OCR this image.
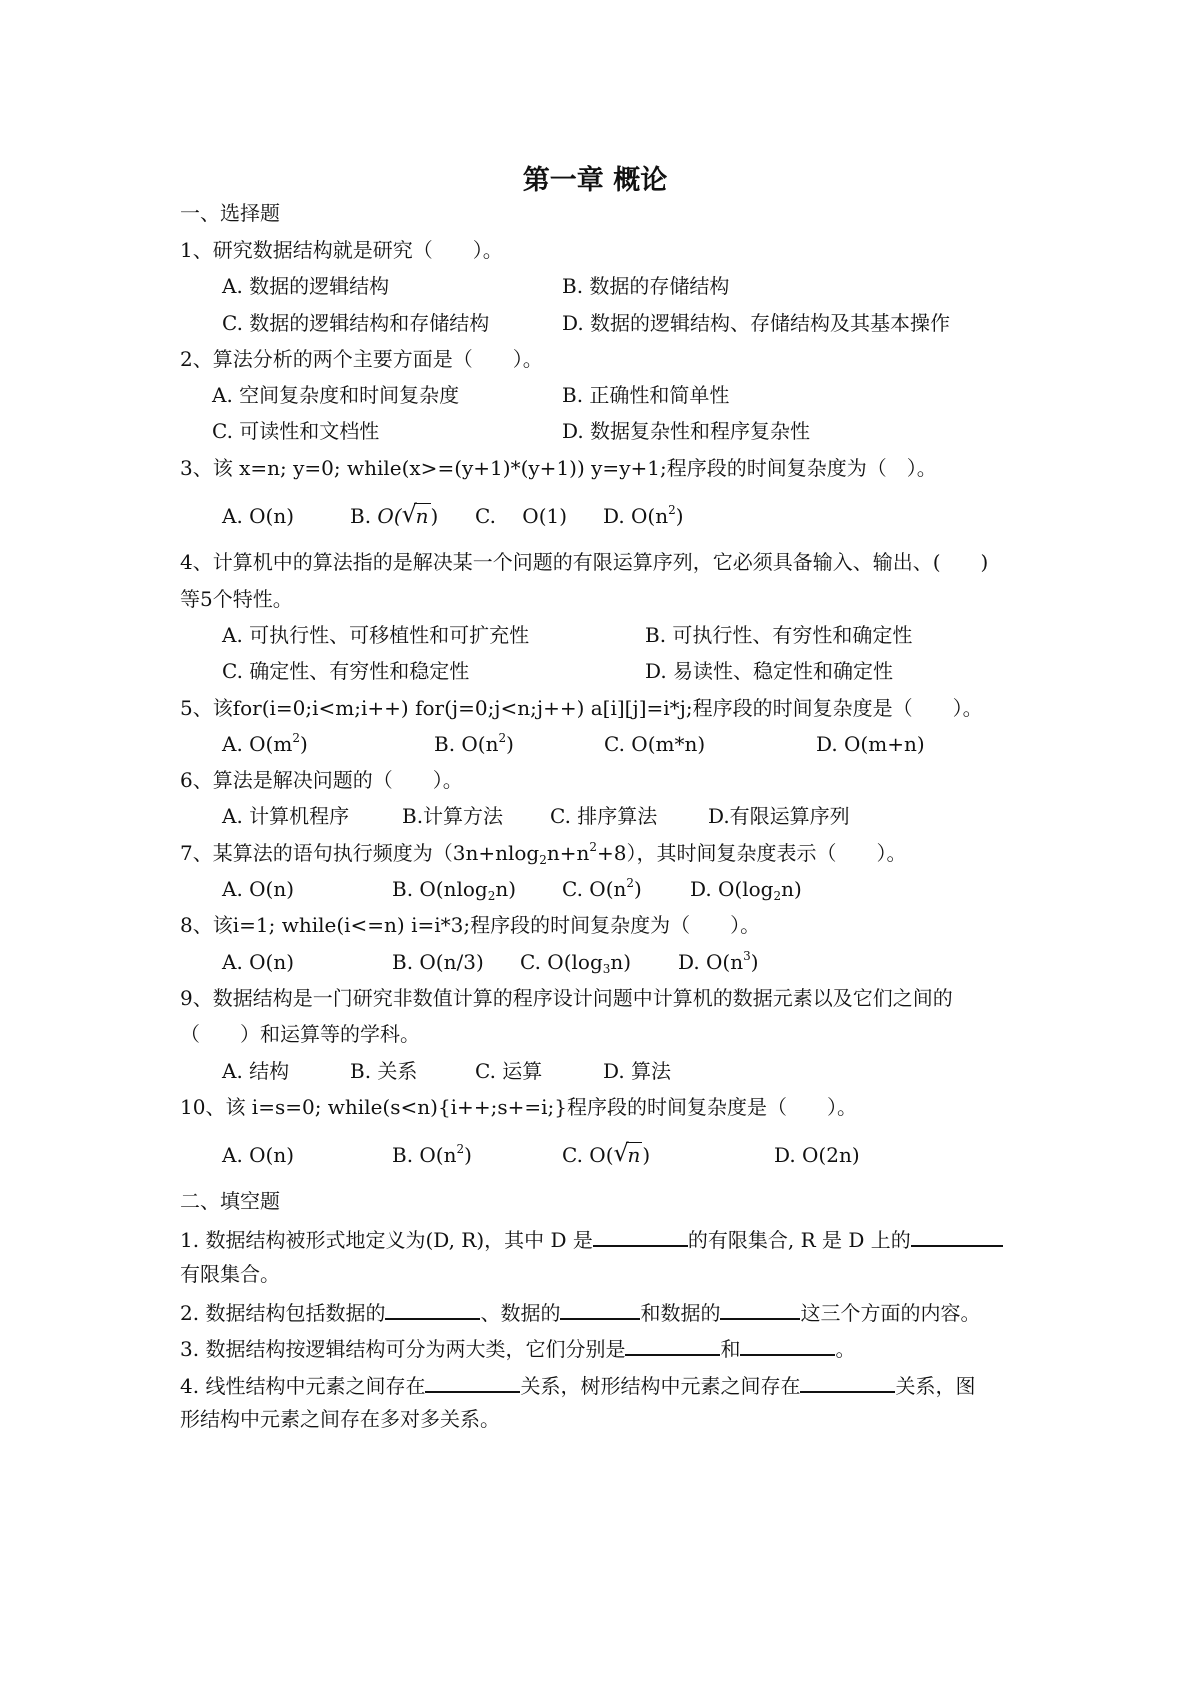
第一章 概论
一、选择题
1、研究数据结构就是研究（　　）。
A. 数据的逻辑结构	B. 数据的存储结构
C. 数据的逻辑结构和存储结构	D. 数据的逻辑结构、存储结构及其基本操作
2、算法分析的两个主要方面是（　　）。
A. 空间复杂度和时间复杂度	B. 正确性和简单性
C. 可读性和文档性	D. 数据复杂性和程序复杂性
3、该 x=n; y=0; while(x>=(y+1)*(y+1)) y=y+1;程序段的时间复杂度为（　）。
A. O(n)	B. O( √
n ) C.　 O(1) D. $O(n^2)$
4、计算机中的算法指的是解决某一个问题的有限运算序列，它必须具备输入、输出、(　　)
等5个特性。
A. 可执行性、可移植性和可扩充性	B. 可执行性、有穷性和确定性
C. 确定性、有穷性和稳定性	D. 易读性、稳定性和确定性
5、该for(i=0;i<m;i++) for(j=0;j<n;j++) a[i][j]=i*j;程序段的时间复杂度是（　　）。
A. $O(m^2)$	B. $O(n^2)$	C. O(m*n)	D. O(m+n)
6、算法是解决问题的（　　）。
A. 计算机程序	B.计算方法 C. 排序算法	D.有限运算序列
7、某算法的语句执行频度为$(3n+nlog_2n+n^2+8)$，其时间复杂度表示（　　）。
A. O(n)	B. O(nlog$_2$n) C. $O(n^2)$ D. $O(\log_2n)$
8、该i=1; while(i<=n) i=i*3;程序段的时间复杂度为（　　）。
A. O(n)	B. O(n/3) C. $O(\log_3n)$ D. $O(n^3)$
9、数据结构是一门研究非数值计算的程序设计问题中计算机的数据元素以及它们之间的
（　　）和运算等的学科。
A. 结构	B. 关系	C. 运算	D. 算法
10、该 i=s=0; while(s<n){i++;s+=i;}程序段的时间复杂度是（　　）。
A. O(n)	B. $O(n^2)$	C. O( √
n )	D. O(2n)
二、填空题
1. 数据结构被形式地定义为(D, R)，其中 D 是	的有限集合, R 是 D 上的
有限集合。
2. 数据结构包括数据的	、数据的	和数据的	这三个方面的内容。
3. 数据结构按逻辑结构可分为两大类，它们分别是	和	。
4. 线性结构中元素之间存在	关系，树形结构中元素之间存在	关系，图
形结构中元素之间存在多对多关系。
